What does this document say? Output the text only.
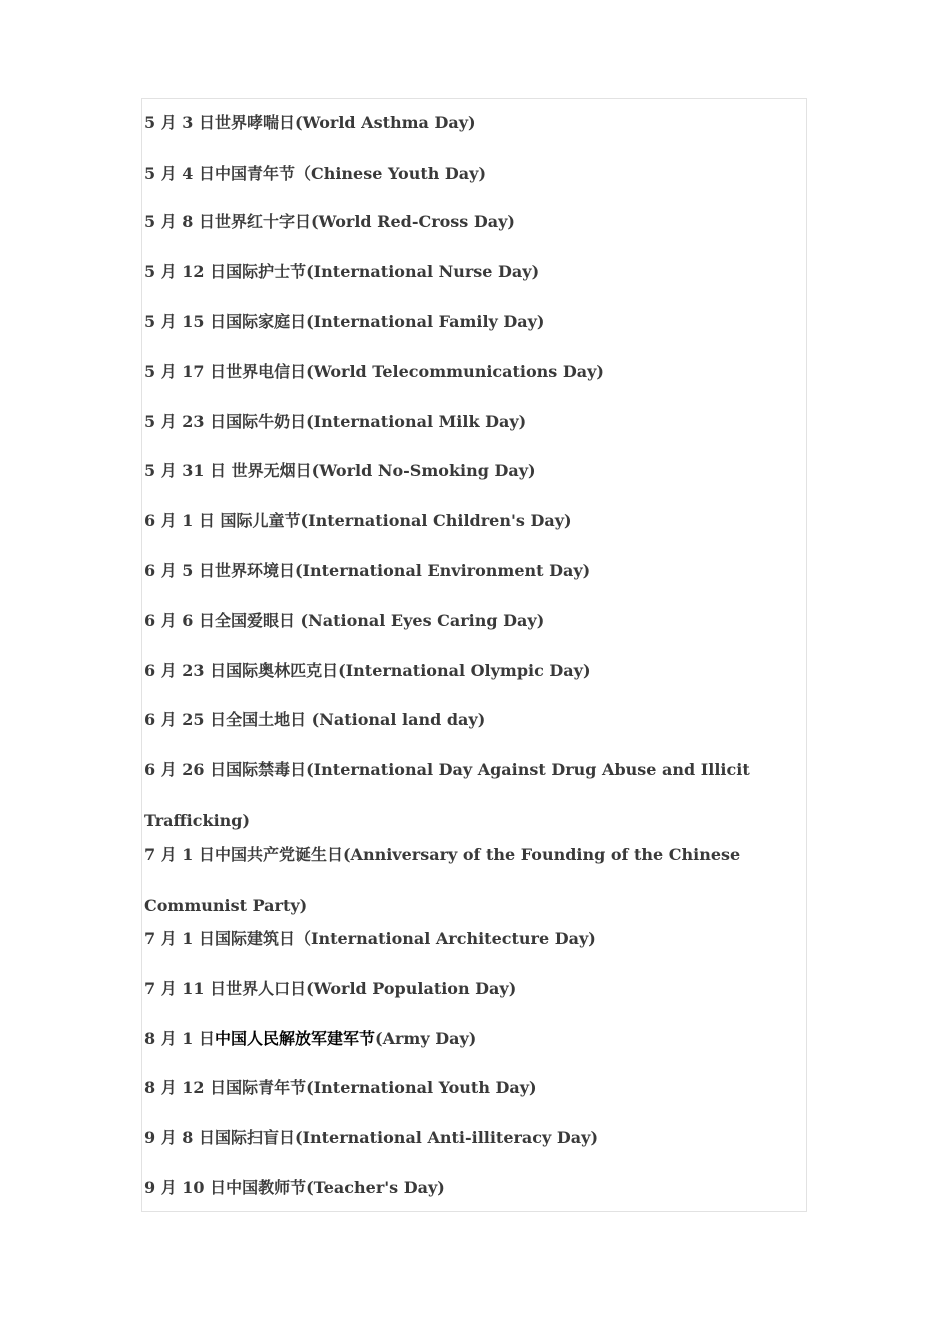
5 月 3 日世界哮喘日(World Asthma Day)
5 月 4 日中国青年节（Chinese Youth Day)
5 月 8 日世界红十字日(World Red-Cross Day)
5 月 12 日国际护士节(International Nurse Day)
5 月 15 日国际家庭日(International Family Day)
5 月 17 日世界电信日(World Telecommunications Day)
5 月 23 日国际牛奶日(International Milk Day)
5 月 31 日 世界无烟日(World No-Smoking Day)
6 月 1 日 国际儿童节(International Children's Day)
6 月 5 日世界环境日(International Environment Day)
6 月 6 日全国爱眼日 (National Eyes Caring Day)
6 月 23 日国际奥林匹克日(International Olympic Day)
6 月 25 日全国土地日 (National land day)
6 月 26 日国际禁毒日(International Day Against Drug Abuse and Illicit
Trafficking)
7 月 1 日中国共产党诞生日(Anniversary of the Founding of the Chinese
Communist Party)
7 月 1 日国际建筑日（International Architecture Day)
7 月 11 日世界人口日(World Population Day)
8 月 1 日中国人民解放军建军节(Army Day)
8 月 12 日国际青年节(International Youth Day)
9 月 8 日国际扫盲日(International Anti-illiteracy Day)
9 月 10 日中国教师节(Teacher's Day)
